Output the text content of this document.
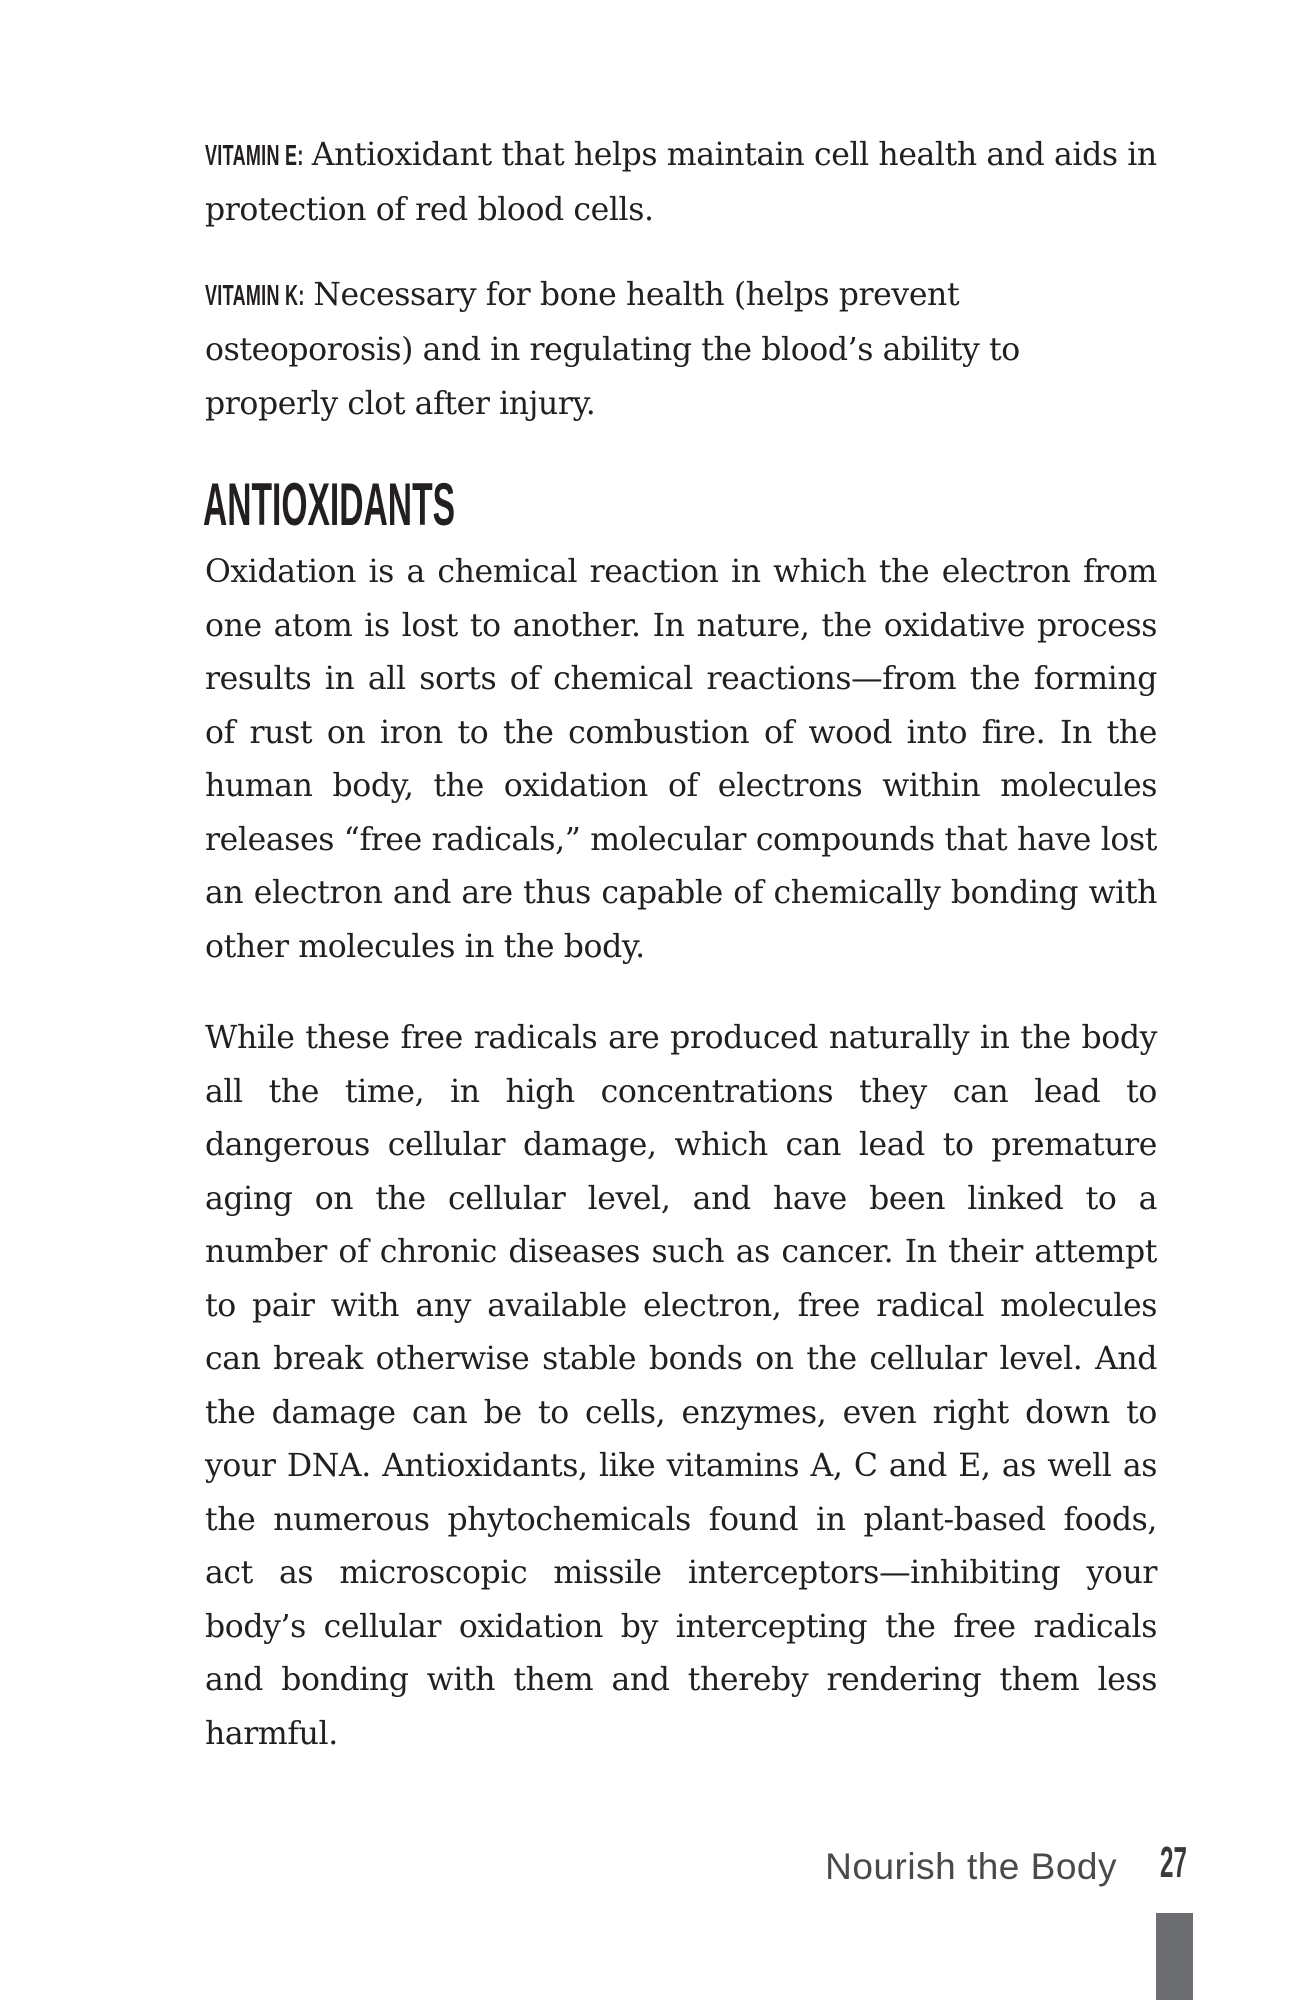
VITAMIN E: Antioxidant that helps maintain cell health and aids in protection of red blood cells.

VITAMIN K: Necessary for bone health (helps prevent osteoporosis) and in regulating the blood’s ability to properly clot after injury.

ANTIOXIDANTS

Oxidation is a chemical reaction in which the electron from one atom is lost to another. In nature, the oxidative process results in all sorts of chemical reactions—from the forming of rust on iron to the combustion of wood into fire. In the human body, the oxidation of electrons within molecules releases “free radicals,” molecular compounds that have lost an electron and are thus capable of chemically bonding with other molecules in the body.

While these free radicals are produced naturally in the body all the time, in high concentrations they can lead to dangerous cellular damage, which can lead to premature aging on the cellular level, and have been linked to a number of chronic diseases such as cancer. In their attempt to pair with any available electron, free radical molecules can break otherwise stable bonds on the cellular level. And the damage can be to cells, enzymes, even right down to your DNA. Antioxidants, like vitamins A, C and E, as well as the numerous phytochemicals found in plant-based foods, act as microscopic missile interceptors—inhibiting your body’s cellular oxidation by intercepting the free radicals and bonding with them and thereby rendering them less harmful.

Nourish the Body 27
